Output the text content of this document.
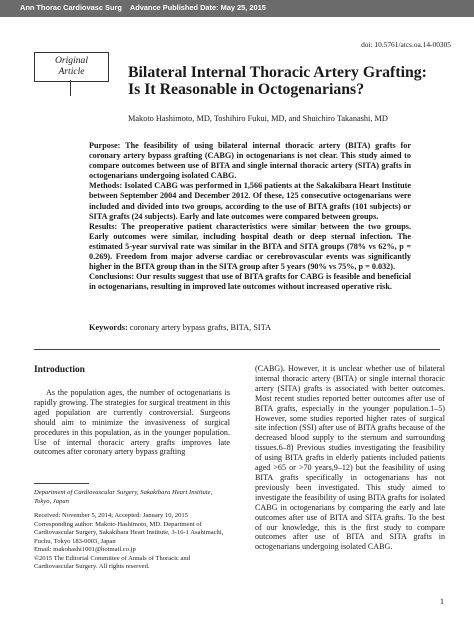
Ann Thorac Cardiovasc Surg Advance Published Date: May 25, 2015
doi: 10.5761/atcs.oa.14-00305
Original
Article	Bilateral Internal Thoracic Artery Grafting:
Is It Reasonable in Octogenarians?
Makoto Hashimoto, MD, Toshihiro Fukui, MD, and Shuichiro Takanashi, MD

Purpose: The feasibility of using bilateral internal thoracic artery (BITA) grafts for coronary artery bypass grafting (CABG) in octogenarians is not clear. This study aimed to compare outcomes between use of BITA and single internal thoracic artery (SITA) grafts in octogenarians undergoing isolated CABG.

Methods: Isolated CABG was performed in 1,566 patients at the Sakakibara Heart Institute between September 2004 and December 2012. Of these, 125 consecutive octogenarians were included and divided into two groups, according to the use of BITA grafts (101 subjects) or SITA grafts (24 subjects). Early and late outcomes were compared between groups.

Results: The preoperative patient characteristics were similar between the two groups. Early outcomes were similar, including hospital death or deep sternal infection. The estimated 5-year survival rate was similar in the BITA and SITA groups (78% vs 62%, p = 0.269). Freedom from major adverse cardiac or cerebrovascular events was significantly higher in the BITA group than in the SITA group after 5 years (90% vs 75%, p = 0.032).

Conclusions: Our results suggest that use of BITA grafts for CABG is feasible and beneficial in octogenarians, resulting in improved late outcomes without increased operative risk.

Keywords: coronary artery bypass grafts, BITA, SITA
Introduction

As the population ages, the number of octogenarians is rapidly growing. The strategies for surgical treatment in this aged population are currently controversial. Surgeons should aim to minimize the invasiveness of surgical procedures in this population, as in the younger population. Use of internal thoracic artery grafts improves late outcomes after coronary artery bypass grafting

(CABG). However, it is unclear whether use of bilateral internal thoracic artery (BITA) or single internal thoracic artery (SITA) grafts is associated with better outcomes. Most recent studies reported better outcomes after use of BITA grafts, especially in the younger population.1–5) However, some studies reported higher rates of surgical site infection (SSI) after use of BITA grafts because of the decreased blood supply to the sternum and surrounding tissues.6–8) Previous studies investigating the feasibility of using BITA grafts in elderly patients included patients aged >65 or >70 years,9–12) but the feasibility of using BITA grafts specifically in octogenarians has not previously been investigated. This study aimed to investigate the feasibility of using BITA grafts for isolated CABG in octogenarians by comparing the early and late outcomes after use of BITA and SITA grafts. To the best of our knowledge, this is the first study to compare outcomes after use of BITA and SITA grafts in octogenarians undergoing isolated CABG.

Department of Cardiovascular Surgery, Sakakibara Heart Institute, Tokyo, Japan
Received: November 5, 2014; Accepted: January 10, 2015
Corresponding author: Makoto Hashimoto, MD. Department of Cardiovascular Surgery, Sakakibara Heart Institute, 3-16-1 Asahimachi, Fuchu, Tokyo 183-0003, Japan
Email: makohashi1001@hotmail.co.jp
©2015 The Editorial Committee of Annals of Thoracic and Cardiovascular Surgery. All rights reserved.
1
